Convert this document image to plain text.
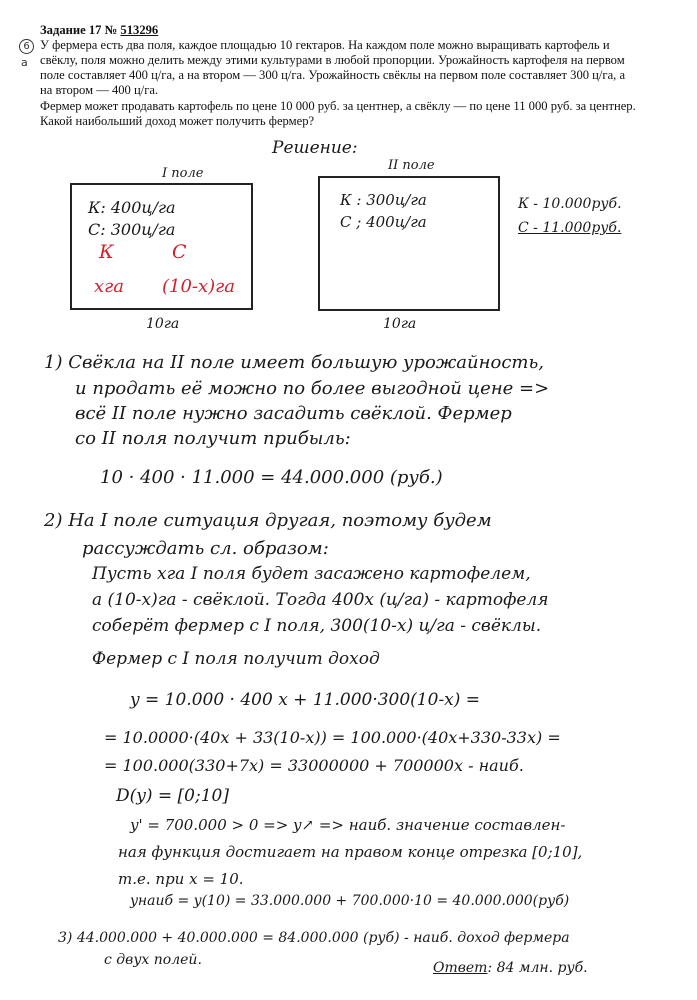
Задание 17 № 513296
6
а
У фермера есть два поля, каждое площадью 10 гектаров. На каждом поле можно выращивать картофель и
свёклу, поля можно делить между этими культурами в любой пропорции. Урожайность картофеля на первом
поле составляет 400 ц/га, а на втором — 300 ц/га. Урожайность свёклы на первом поле составляет 300 ц/га, а
на втором — 400 ц/га.
Фермер может продавать картофель по цене 10 000 руб. за центнер, а свёклу — по цене 11 000 руб. за центнер.
Какой наибольший доход может получить фермер?
Решение:
I поле
К: 400ц/га
С: 300ц/га
К	С
xга (10-x)га
10га
II поле
К : 300ц/га
С ; 400ц/га
10га
К - 10.000руб.
С - 11.000руб.
1) Свёкла на II поле имеет большую урожайность,
и продать её можно по более выгодной цене =>
всё II поле нужно засадить свёклой. Фермер
со II поля получит прибыль:
10 · 400 · 11.000 = 44.000.000 (руб.)
2) На I поле ситуация другая, поэтому будем
рассуждать сл. образом:
Пусть xга I поля будет засажено картофелем,
а (10-x)га - свёклой. Тогда 400x (ц/га) - картофеля
соберёт фермер с I поля, 300(10-x) ц/га - свёклы.
Фермер с I поля получит доход
y = 10.000 · 400 x + 11.000·300(10-x) =
= 10.0000·(40x + 33(10-x)) = 100.000·(40x+330-33x) =
= 100.000(330+7x) = 33000000 + 700000x - наиб.
D(y) = [0;10]
y' = 700.000 > 0 => y↗ => наиб. значение составлен-
ная функция достигает на правом конце отрезка [0;10],
т.е. при x = 10.
yнаиб = y(10) = 33.000.000 + 700.000·10 = 40.000.000(руб)
3) 44.000.000 + 40.000.000 = 84.000.000 (руб) - наиб. доход фермера
с двух полей.	Ответ: 84 млн. руб.
